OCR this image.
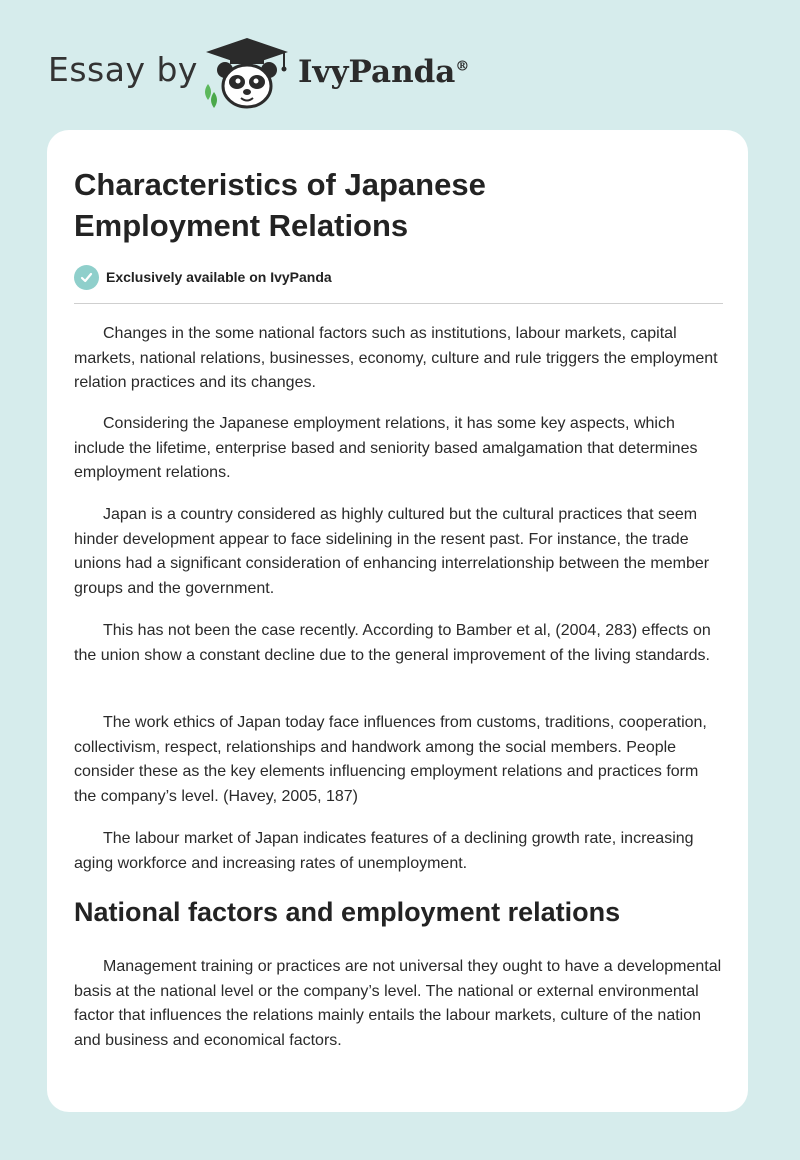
Essay by	IvyPanda®
Characteristics of Japanese Employment Relations
Exclusively available on IvyPanda

Changes in the some national factors such as institutions, labour markets, capital markets, national relations, businesses, economy, culture and rule triggers the employment relation practices and its changes.

Considering the Japanese employment relations, it has some key aspects, which include the lifetime, enterprise based and seniority based amalgamation that determines employment relations.

Japan is a country considered as highly cultured but the cultural practices that seem hinder development appear to face sidelining in the resent past. For instance, the trade unions had a significant consideration of enhancing interrelationship between the member groups and the government.

This has not been the case recently. According to Bamber et al, (2004, 283) effects on the union show a constant decline due to the general improvement of the living standards.

The work ethics of Japan today face influences from customs, traditions, cooperation, collectivism, respect, relationships and handwork among the social members. People consider these as the key elements influencing employment relations and practices form the company’s level. (Havey, 2005, 187)

The labour market of Japan indicates features of a declining growth rate, increasing aging workforce and increasing rates of unemployment.

National factors and employment relations

Management training or practices are not universal they ought to have a developmental basis at the national level or the company’s level. The national or external environmental factor that influences the relations mainly entails the labour markets, culture of the nation and business and economical factors.
